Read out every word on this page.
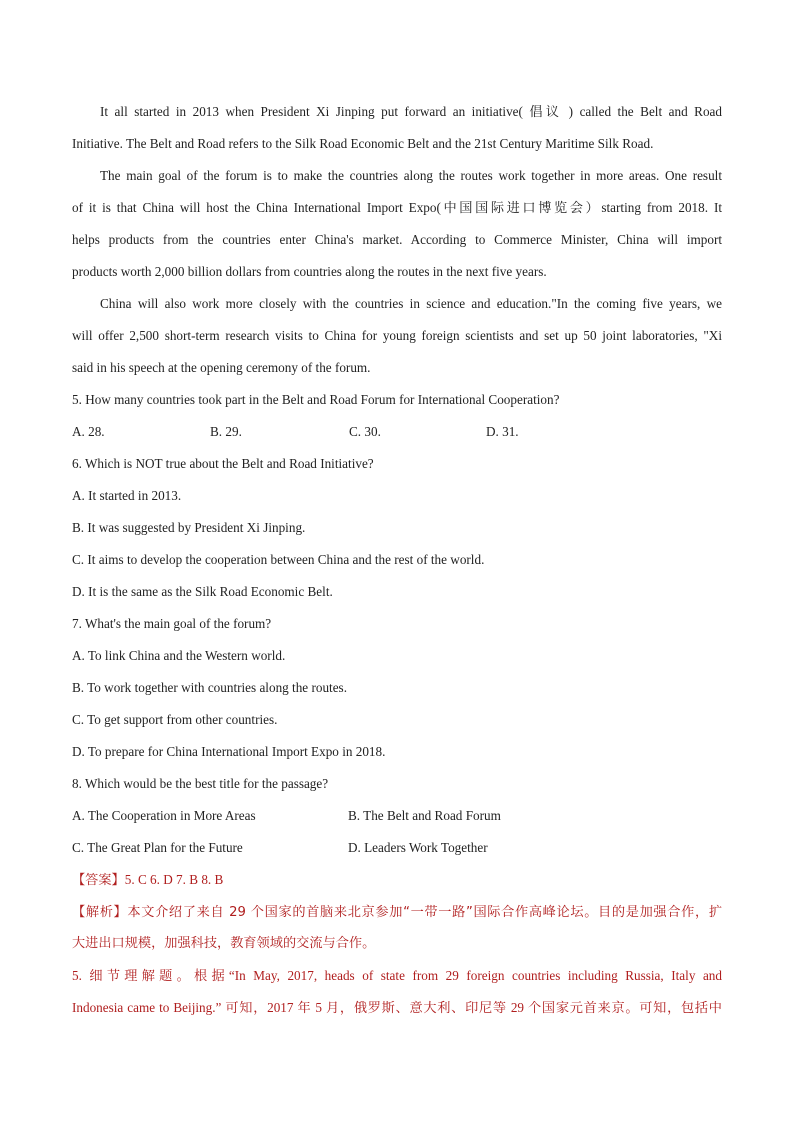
It all started in 2013 when President Xi Jinping put forward an initiative( 倡议 ) called the Belt and Road
Initiative. The Belt and Road refers to the Silk Road Economic Belt and the 21st Century Maritime Silk Road.
The main goal of the forum is to make the countries along the routes work together in more areas. One result
of it is that China will host the China International Import Expo(中国国际进口博览会）starting from 2018. It
helps products from the countries enter China's market. According to Commerce Minister, China will import
products worth 2,000 billion dollars from countries along the routes in the next five years.
China will also work more closely with the countries in science and education."In the coming five years, we
will offer 2,500 short-term research visits to China for young foreign scientists and set up 50 joint laboratories, "Xi
said in his speech at the opening ceremony of the forum.
5. How many countries took part in the Belt and Road Forum for International Cooperation?
A. 28.	B. 29.	C. 30.	D. 31.
6. Which is NOT true about the Belt and Road Initiative?
A. It started in 2013.
B. It was suggested by President Xi Jinping.
C. It aims to develop the cooperation between China and the rest of the world.
D. It is the same as the Silk Road Economic Belt.
7. What's the main goal of the forum?
A. To link China and the Western world.
B. To work together with countries along the routes.
C. To get support from other countries.
D. To prepare for China International Import Expo in 2018.
8. Which would be the best title for the passage?
A. The Cooperation in More Areas	B. The Belt and Road Forum
C. The Great Plan for the Future	D. Leaders Work Together
【答案】5. C 6. D 7. B 8. B
【解析】本文介绍了来自 29 个国家的首脑来北京参加“一带一路”国际合作高峰论坛。目的是加强合作，扩
大进出口规模，加强科技，教育领域的交流与合作。
5. 细节理解题。根据“In May, 2017, heads of state from 29 foreign countries including Russia, Italy and
Indonesia came to Beijing.” 可知，2017 年 5 月，俄罗斯、意大利、印尼等 29 个国家元首来京。可知，包括中
